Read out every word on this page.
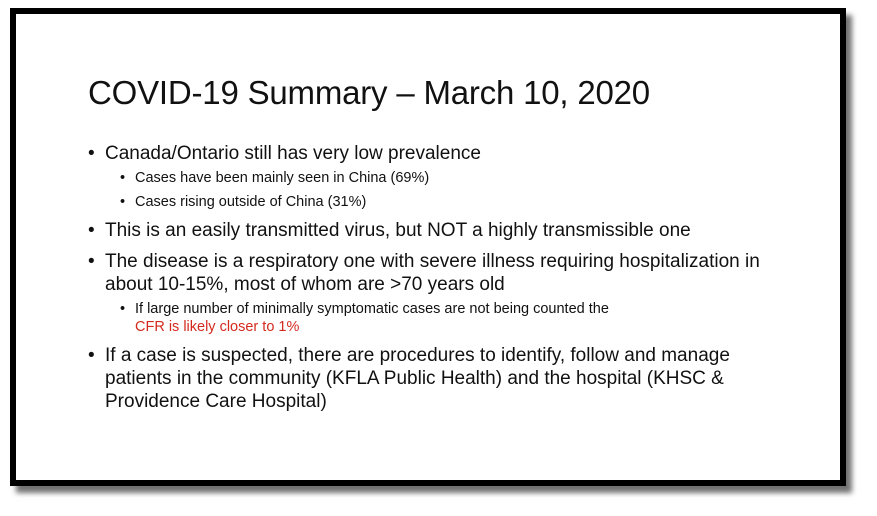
COVID-19 Summary – March 10, 2020
• Canada/Ontario still has very low prevalence
• Cases have been mainly seen in China (69%)
• Cases rising outside of China (31%)
• This is an easily transmitted virus, but NOT a highly transmissible one
• The disease is a respiratory one with severe illness requiring hospitalization in about 10-15%, most of whom are >70 years old
• If large number of minimally symptomatic cases are not being counted the
CFR is likely closer to 1%
• If a case is suspected, there are procedures to identify, follow and manage patients in the community (KFLA Public Health) and the hospital (KHSC & Providence Care Hospital)
